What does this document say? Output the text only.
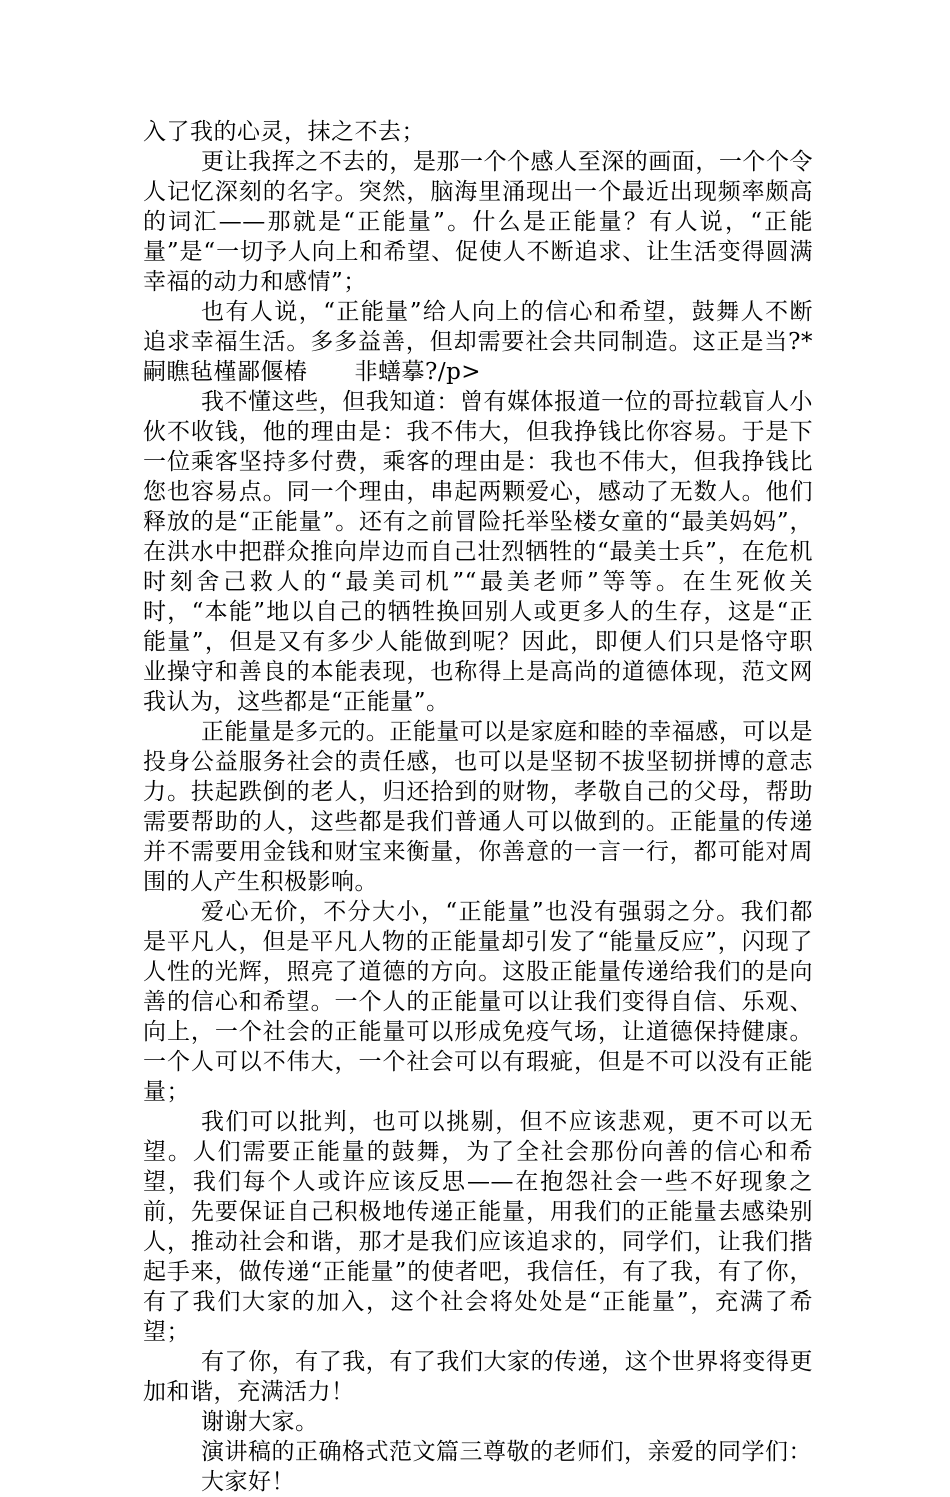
入了我的心灵，抹之不去；

更让我挥之不去的，是那一个个感人至深的画面，一个个令人记忆深刻的名字。突然，脑海里涌现出一个最近出现频率颇高的词汇——那就是“正能量”。什么是正能量？有人说，“正能量”是“一切予人向上和希望、促使人不断追求、让生活变得圆满幸福的动力和感情”；

也有人说，“正能量”给人向上的信心和希望，鼓舞人不断追求幸福生活。多多益善，但却需要社会共同制造。这正是当?*嗣瞧毡槿鄙偃椿　　非蟮摹?/p>

我不懂这些，但我知道：曾有媒体报道一位的哥拉载盲人小伙不收钱，他的理由是：我不伟大，但我挣钱比你容易。于是下一位乘客坚持多付费，乘客的理由是：我也不伟大，但我挣钱比您也容易点。同一个理由，串起两颗爱心，感动了无数人。他们释放的是“正能量”。还有之前冒险托举坠楼女童的“最美妈妈”，在洪水中把群众推向岸边而自己壮烈牺牲的“最美士兵”，在危机时刻舍己救人的“最美司机”“最美老师”等等。在生死攸关时，“本能”地以自己的牺牲换回别人或更多人的生存，这是“正能量”，但是又有多少人能做到呢？因此，即便人们只是恪守职业操守和善良的本能表现，也称得上是高尚的道德体现，范文网我认为，这些都是“正能量”。

正能量是多元的。正能量可以是家庭和睦的幸福感，可以是投身公益服务社会的责任感，也可以是坚韧不拔坚韧拼博的意志力。扶起跌倒的老人，归还拾到的财物，孝敬自己的父母，帮助需要帮助的人，这些都是我们普通人可以做到的。正能量的传递并不需要用金钱和财宝来衡量，你善意的一言一行，都可能对周围的人产生积极影响。

爱心无价，不分大小，“正能量”也没有强弱之分。我们都是平凡人，但是平凡人物的正能量却引发了“能量反应”，闪现了人性的光辉，照亮了道德的方向。这股正能量传递给我们的是向善的信心和希望。一个人的正能量可以让我们变得自信、乐观、向上，一个社会的正能量可以形成免疫气场，让道德保持健康。一个人可以不伟大，一个社会可以有瑕疵，但是不可以没有正能量；

我们可以批判，也可以挑剔，但不应该悲观，更不可以无望。人们需要正能量的鼓舞，为了全社会那份向善的信心和希望，我们每个人或许应该反思——在抱怨社会一些不好现象之前，先要保证自己积极地传递正能量，用我们的正能量去感染别人，推动社会和谐，那才是我们应该追求的，同学们，让我们揩起手来，做传递“正能量”的使者吧，我信任，有了我，有了你，有了我们大家的加入，这个社会将处处是“正能量”，充满了希望；

有了你，有了我，有了我们大家的传递，这个世界将变得更加和谐，充满活力！

谢谢大家。

演讲稿的正确格式范文篇三尊敬的老师们，亲爱的同学们：

大家好！
